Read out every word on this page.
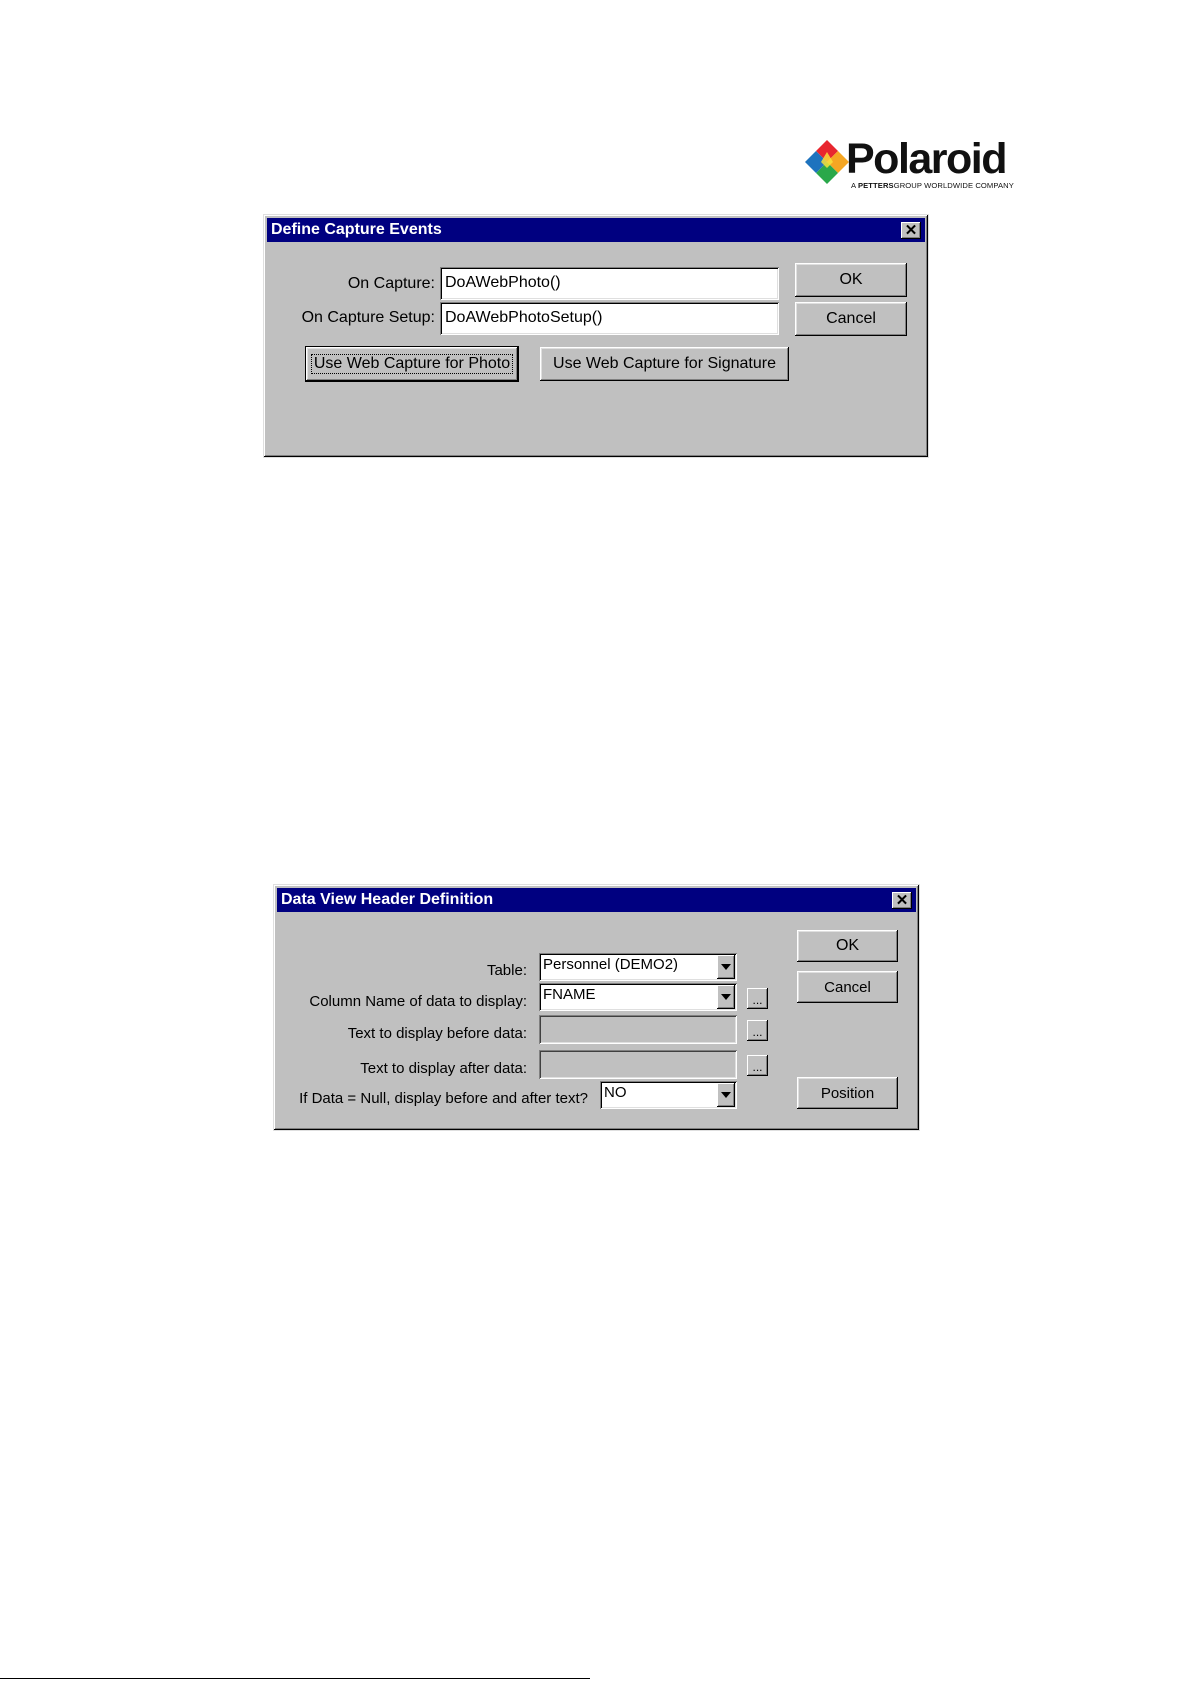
Polaroid
A PETTERSGROUP WORLDWIDE COMPANY
Define Capture Events	✕
On Capture: DoAWebPhoto()
On Capture Setup: DoAWebPhotoSetup()
OK
Cancel
Use Web Capture for Photo	Use Web Capture for Signature
Data View Header Definition	✕
Table: Personnel (DEMO2)
Column Name of data to display: FNAME	...
Text to display before data:	...
Text to display after data:	...
If Data = Null, display before and after text? NO
OK
Cancel
Position
